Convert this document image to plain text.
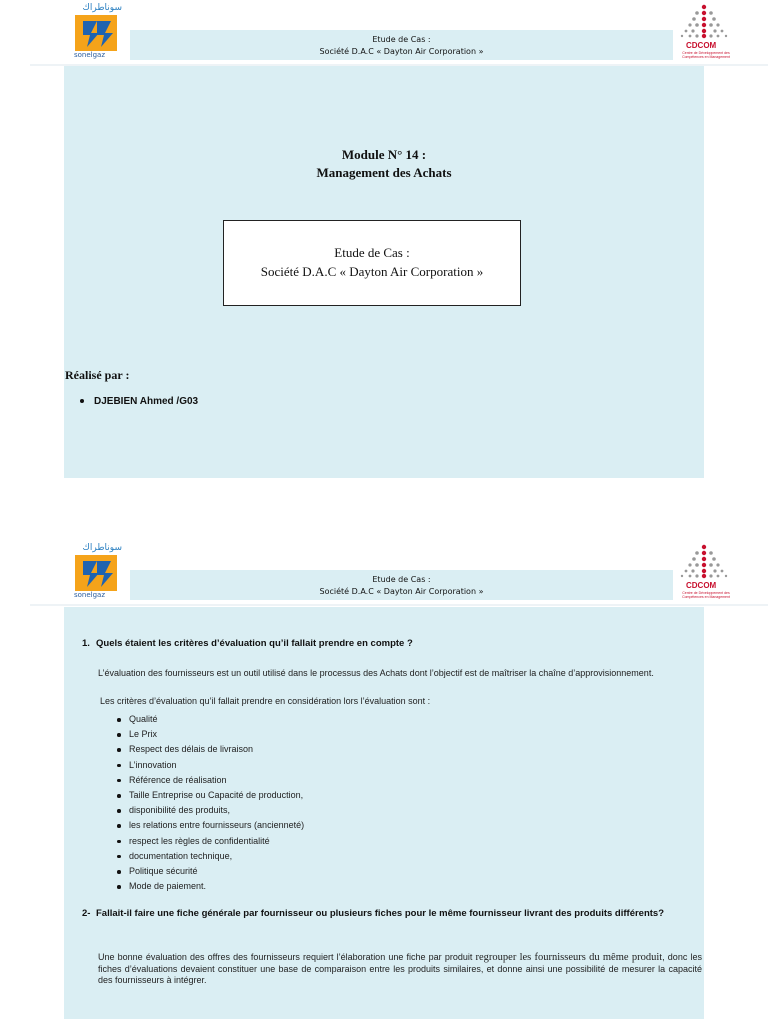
Etude de Cas :
Société D.A.C « Dayton Air Corporation »
سوناطراك
sonelgaz
CDCOM
Centre de Développement des Compétences en Management
Module N° 14 :
Management des Achats
Etude de Cas :
Société D.A.C « Dayton Air Corporation »
Réalisé par :
DJEBIEN Ahmed /G03
Etude de Cas :
Société D.A.C « Dayton Air Corporation »
سوناطراك
sonelgaz
CDCOM
Centre de Développement des Compétences en Management
1. Quels étaient les critères d’évaluation qu’il fallait prendre en compte ?
L’évaluation des fournisseurs est un outil utilisé dans le processus des Achats dont l’objectif est de maîtriser la chaîne d’approvisionnement.
Les critères d’évaluation qu’il fallait prendre en considération lors l’évaluation sont :
Qualité
Le Prix
Respect des délais de livraison
L’innovation
Référence de réalisation
Taille Entreprise ou Capacité de production,
disponibilité des produits,
les relations entre fournisseurs (ancienneté)
respect les règles de confidentialité
documentation technique,
Politique sécurité
Mode de paiement.
2- Fallait-il faire une fiche générale par fournisseur ou plusieurs fiches pour le même fournisseur livrant des produits différents?
Une bonne évaluation des offres des fournisseurs requiert l’élaboration une fiche par produit regrouper les fournisseurs du même produit, donc les fiches d’évaluations devaient constituer une base de comparaison entre les produits similaires, et donne ainsi une possibilité de mesurer la capacité des fournisseurs à intégrer.
